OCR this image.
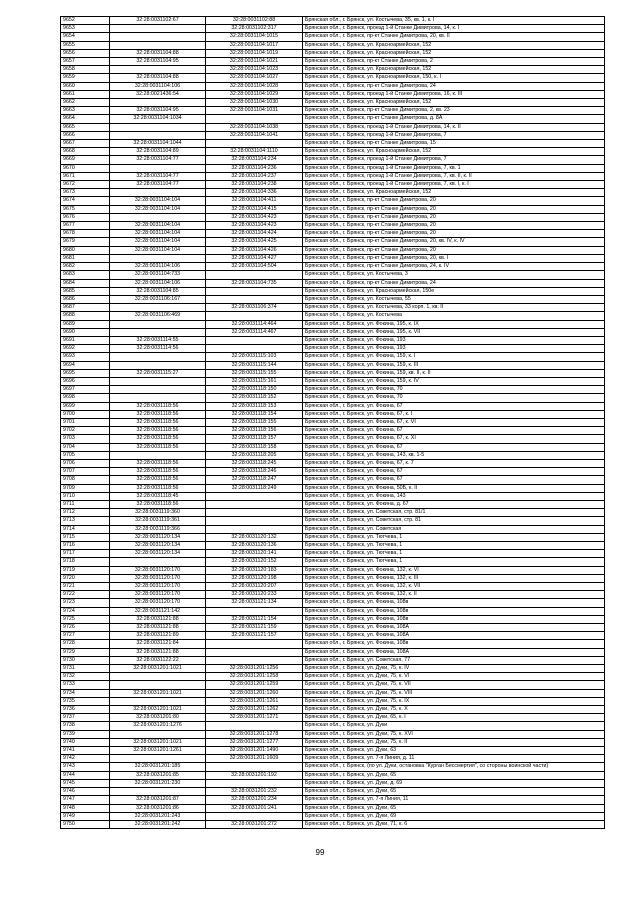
9652	32:28:0031102:67	32:28:0031102:88	Брянская обл., г. Брянск, ул. Костычева, 35, кв. 1, к. I
9653		32:28:0031102:317	Брянская обл., г. Брянск, проезд 1-й Станке Димитрова, 14, к. I
9654		32:28:0031104:1015	Брянская обл., г. Брянск, пр-кт Станке Димитрова, 20, кв. II
9655		32:28:0031104:1017	Брянская обл., г. Брянск, ул. Красноармейская, 152
9656	32:28:0031104:88	32:28:0031104:1019	Брянская обл., г. Брянск, ул. Красноармейская, 152
9657	32:28:0031104:95	32:28:0031104:1021	Брянская обл., г. Брянск, пр-кт Станке Димитрова, 2
9658		32:28:0031104:1023	Брянская обл., г. Брянск, ул. Красноармейская, 152
9659	32:28:0031104:88	32:28:0031104:1027	Брянская обл., г. Брянск, ул. Красноармейская, 150, к. I
9660	32:28:0031104:106	32:28:0031104:1028	Брянская обл., г. Брянск, пр-кт Станке Димитрова, 24
9661	32:28:0021436:54	32:28:0031104:1029	Брянская обл., г. Брянск, проезд 1-й Станке Димитрова, 16, к. III
9662		32:28:0031104:1030	Брянская обл., г. Брянск, ул. Красноармейская, 152
9663	32:28:0031104:95	32:28:0031104:1031	Брянская обл., г. Брянск, пр-кт Станке Димитрова, 2, кв. 23
9664	32:28:0031104:1034		Брянская обл., г. Брянск, пр-кт Станке Димитрова, д. 8А
9665		32:28:0031104:1038	Брянская обл., г. Брянск, проезд 1-й Станке Димитрова, 14, к. II
9666		32:28:0031104:1041	Брянская обл., г. Брянск, проезд 1-й Станке Димитрова, 7
9667	32:28:0031104:1044		Брянская обл., г. Брянск, пр-кт Станке Димитрова, 15
9668	32:28:0031104:89	32:28:0031104:1110	Брянская обл., г. Брянск, ул. Красноармейская, 152
9669	32:28:0031104:77	32:28:0031104:234	Брянская обл., г. Брянск, проезд 1-й Станке Димитрова, 7
9670		32:28:0031104:236	Брянская обл., г. Брянск, проезд 1-й Станке Димитрова, 7, кв. 1
9671	32:28:0031104:77	32:28:0031104:237	Брянская обл., г. Брянск, проезд 1-й Станке Димитрова, 7, кв. II, к. II
9672	32:28:0031104:77	32:28:0031104:238	Брянская обл., г. Брянск, проезд 1-й Станке Димитрова, 7, кв. I, к. I
9673		32:28:0031104:336	Брянская обл., г. Брянск, ул. Красноармейская, 152
9674	32:28:0031104:104	32:28:0031104:411	Брянская обл., г. Брянск, пр-кт Станке Димитрова, 20
9675	32:28:0031104:104	32:28:0031104:415	Брянская обл., г. Брянск, пр-кт Станке Димитрова, 20
9676		32:28:0031104:423	Брянская обл., г. Брянск, пр-кт Станке Димитрова, 20
9677	32:28:0031104:104	32:28:0031104:423	Брянская обл., г. Брянск, пр-кт Станке Димитрова, 20
9678	32:28:0031104:104	32:28:0031104:424	Брянская обл., г. Брянск, пр-кт Станке Димитрова, 20
9679	32:28:0031104:104	32:28:0031104:425	Брянская обл., г. Брянск, пр-кт Станке Димитрова, 20, кв. IV, к. IV
9680	32:28:0031104:104	32:28:0031104:426	Брянская обл., г. Брянск, пр-кт Станке Димитрова, 20
9681		32:28:0031104:427	Брянская обл., г. Брянск, пр-кт Станке Димитрова, 20, кв. I
9682	32:28:0031104:106	32:28:0031104:504	Брянская обл., г. Брянск, пр-кт Станке Димитрова, 24, к. IV
9683	32:28:0031104:733		Брянская обл., г. Брянск, ул. Костычева, 3
9684	32:28:0031104:106	32:28:0031104:735	Брянская обл., г. Брянск, пр-кт Станке Димитрова, 24
9685	32:28:0031104:85		Брянская обл., г. Брянск, ул. Красноармейская, 150е
9686	32:28:0031106:167		Брянская обл., г. Брянск, ул. Костычева, 55
9687		32:28:0031106:374	Брянская обл., г. Брянск, ул. Костычева, 33 корп. 1, кв. II
9688	32:28:0031106:469		Брянская обл., г. Брянск, ул. Костычева
9689		32:28:0031114:464	Брянская обл., г. Брянск, ул. Фокина, 195, к. IX
9690		32:28:0031114:467	Брянская обл., г. Брянск, ул. Фокина, 195, к. VII
9691	32:28:0031114:55		Брянская обл., г. Брянск, ул. Фокина, 193
9692	32:28:0031114:56		Брянская обл., г. Брянск, ул. Фокина, 193
9693		32:28:0031115:103	Брянская обл., г. Брянск, ул. Фокина, 159, к. I
9694		32:28:0031115:144	Брянская обл., г. Брянск, ул. Фокина, 159, к. III
9695	32:28:0031115:27	32:28:0031115:155	Брянская обл., г. Брянск, ул. Фокина, 159, кв. II, к. II
9696		32:28:0031115:161	Брянская обл., г. Брянск, ул. Фокина, 159, к. IV
9697		32:28:0031118:150	Брянская обл., г. Брянск, ул. Фокина, 70
9698		32:28:0031118:152	Брянская обл., г. Брянск, ул. Фокина, 70
9699	32:28:0031118:56	32:28:0031118:153	Брянская обл., г. Брянск, ул. Фокина, 67
9700	32:28:0031118:56	32:28:0031118:154	Брянская обл., г. Брянск, ул. Фокина, 67, к. I
9701	32:28:0031118:56	32:28:0031118:155	Брянская обл., г. Брянск, ул. Фокина, 67, к. VI
9702	32:28:0031118:56	32:28:0031118:156	Брянская обл., г. Брянск, ул. Фокина, 67
9703	32:28:0031118:56	32:28:0031118:157	Брянская обл., г. Брянск, ул. Фокина, 67, к. XI
9704	32:28:0031118:56	32:28:0031118:158	Брянская обл., г. Брянск, ул. Фокина, 67
9705		32:28:0031118:205	Брянская обл., г. Брянск, ул. Фокина, 143, кв. 1-5
9706	32:28:0031118:56	32:28:0031118:245	Брянская обл., г. Брянск, ул. Фокина, 67, к. 7
9707	32:28:0031118:56	32:28:0031118:246	Брянская обл., г. Брянск, ул. Фокина, 67
9708	32:28:0031118:56	32:28:0031118:247	Брянская обл., г. Брянск, ул. Фокина, 67
9709	32:28:0031118:56	32:28:0031118:249	Брянская обл., г. Брянск, ул. Фокина, 50Б, к. II
9710	32:28:0031118:45		Брянская обл., г. Брянск, ул. Фокина, 143
9711	32:28:0031118:56		Брянская обл., г. Брянск, ул. Фокина, д. 67
9712	32:28:0031119:360		Брянская обл., г. Брянск, ул. Советская, стр. 81/1
9713	32:28:0031119:361		Брянская обл., г. Брянск, ул. Советская, стр. 81
9714	32:28:0031119:366		Брянская обл., г. Брянск, ул. Советская
9715	32:28:0031120:134	32:28:0031120:132	Брянская обл., г. Брянск, ул. Тютчева, 1
9716	32:28:0031120:134	32:28:0031120:136	Брянская обл., г. Брянск, ул. Тютчева, 1
9717	32:28:0031120:134	32:28:0031120:141	Брянская обл., г. Брянск, ул. Тютчева, 1
9718		32:28:0031120:152	Брянская обл., г. Брянск, ул. Тютчева, 1
9719	32:28:0031120:170	32:28:0031120:183	Брянская обл., г. Брянск, ул. Фокина, 132, к. VI
9720	32:28:0031120:170	32:28:0031120:198	Брянская обл., г. Брянск, ул. Фокина, 132, к. III
9721	32:28:0031120:170	32:28:0031120:207	Брянская обл., г. Брянск, ул. Фокина, 132, к. VII
9722	32:28:0031120:170	32:28:0031120:233	Брянская обл., г. Брянск, ул. Фокина, 132, к. II
9723	32:28:0031120:170	32:28:0031121:134	Брянская обл., г. Брянск, ул. Фокина, 108в
9724	32:28:0031121:142		Брянская обл., г. Брянск, ул. Фокина, 108в
9725	32:28:0031121:88	32:28:0031121:154	Брянская обл., г. Брянск, ул. Фокина, 108в
9726	32:28:0031121:88	32:28:0031121:159	Брянская обл., г. Брянск, ул. Фокина, 108А
9727	32:28:0031121:89	32:28:0031121:157	Брянская обл., г. Брянск, ул. Фокина, 108А
9728	32:28:0031121:84		Брянская обл., г. Брянск, ул. Фокина, 108в
9729	32:28:0031121:88		Брянская обл., г. Брянск, ул. Фокина, 108А
9730	32:28:0031122:22		Брянская обл., г. Брянск, ул. Советская, 77
9731	32:28:0031201:1021	32:28:0031201:1256	Брянская обл., г. Брянск, ул. Дуки, 75, к. IV
9732		32:28:0031201:1258	Брянская обл., г. Брянск, ул. Дуки, 75, к. VI
9733		32:28:0031201:1259	Брянская обл., г. Брянск, ул. Дуки, 75, к. VII
9734	32:28:0031201:1021	32:28:0031201:1260	Брянская обл., г. Брянск, ул. Дуки, 75, к. VIII
9735		32:28:0031201:1261	Брянская обл., г. Брянск, ул. Дуки, 75, к. IX
9736	32:28:0031201:1021	32:28:0031201:1262	Брянская обл., г. Брянск, ул. Дуки, 75, к. X
9737	32:28:0031201:80	32:28:0031201:1271	Брянская обл., г. Брянск, ул. Дуки, 65, к. I
9738	32:28:0031201:1276		Брянская обл., г. Брянск, ул. Дуки
9739		32:28:0031201:1278	Брянская обл., г. Брянск, ул. Дуки, 75, к. XVI
9740	32:28:0031201:1021	32:28:0031201:1277	Брянская обл., г. Брянск, ул. Дуки, 75, к. II
9741	32:28:0031201:1261	32:28:0031201:1490	Брянская обл., г. Брянск, ул. Дуки, 63
9742		32:28:0031201:1609	Брянская обл., г. Брянск, ул. 7-я Линия, д. 11
9743	32:28:0031201:185		Брянская обл., г. Брянск, (по ул. Дуки, остановка "Курган Бессмертия", со стороны воинской части)
9744	32:28:0031201:85	32:28:0031201:192	Брянская обл., г. Брянск, ул. Дуки, 65
9745	32:28:0031201:230		Брянская обл., г. Брянск, ул. Дуки, д. 69
9746		32:28:0031201:232	Брянская обл., г. Брянск, ул. Дуки, 65
9747	32:28:0031201:87	32:28:0031201:234	Брянская обл., г. Брянск, ул. 7-я Линия, 11
9748	32:28:0031201:86	32:28:0031201:241	Брянская обл., г. Брянск, ул. Дуки, 65
9749	32:28:0031201:243		Брянская обл., г. Брянск, ул. Дуки, 69
9750	32:28:0031201:242	32:28:0031201:272	Брянская обл., г. Брянск, ул. Дуки, 71, к. 6
99
